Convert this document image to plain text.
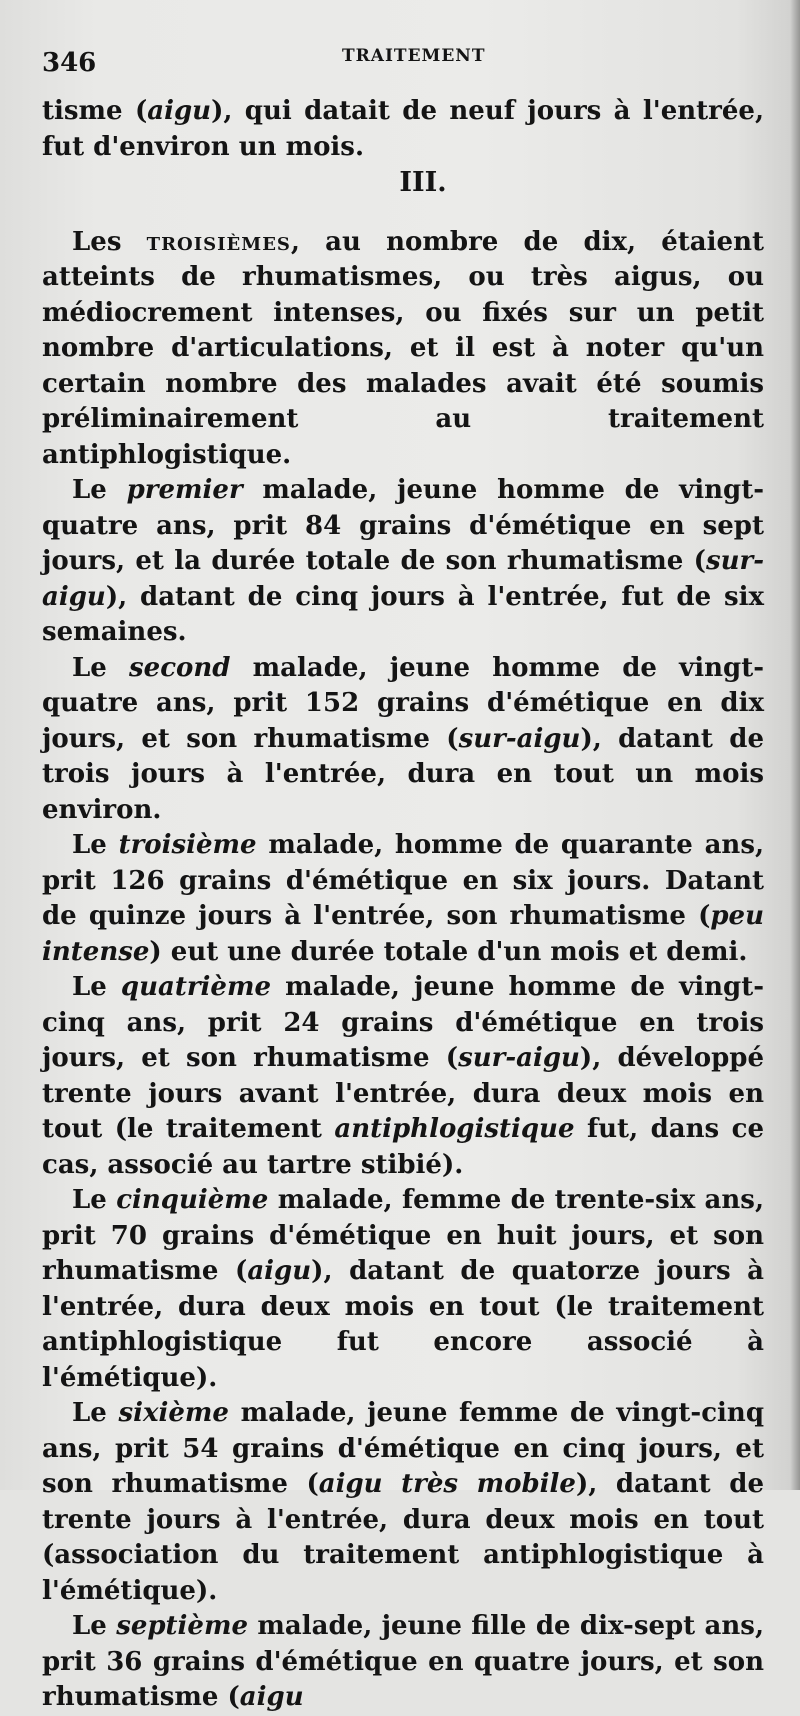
346	TRAITEMENT

tisme (aigu), qui datait de neuf jours à l'entrée, fut d'environ un mois.

III.

Les troisièmes, au nombre de dix, étaient atteints de rhumatismes, ou très aigus, ou médiocrement intenses, ou fixés sur un petit nombre d'articulations, et il est à noter qu'un certain nombre des malades avait été soumis préliminairement au traitement antiphlogistique.

Le premier malade, jeune homme de vingt-quatre ans, prit 84 grains d'émétique en sept jours, et la durée totale de son rhumatisme (sur-aigu), datant de cinq jours à l'entrée, fut de six semaines.

Le second malade, jeune homme de vingt-quatre ans, prit 152 grains d'émétique en dix jours, et son rhumatisme (sur-aigu), datant de trois jours à l'entrée, dura en tout un mois environ.

Le troisième malade, homme de quarante ans, prit 126 grains d'émétique en six jours. Datant de quinze jours à l'entrée, son rhumatisme (peu intense) eut une durée totale d'un mois et demi.

Le quatrième malade, jeune homme de vingt-cinq ans, prit 24 grains d'émétique en trois jours, et son rhumatisme (sur-aigu), développé trente jours avant l'entrée, dura deux mois en tout (le traitement antiphlogistique fut, dans ce cas, associé au tartre stibié).

Le cinquième malade, femme de trente-six ans, prit 70 grains d'émétique en huit jours, et son rhumatisme (aigu), datant de quatorze jours à l'entrée, dura deux mois en tout (le traitement antiphlogistique fut encore associé à l'émétique).

Le sixième malade, jeune femme de vingt-cinq ans, prit 54 grains d'émétique en cinq jours, et son rhumatisme (aigu très mobile), datant de trente jours à l'entrée, dura deux mois en tout (association du traitement antiphlogistique à l'émétique).

Le septième malade, jeune fille de dix-sept ans, prit 36 grains d'émétique en quatre jours, et son rhumatisme (aigu
